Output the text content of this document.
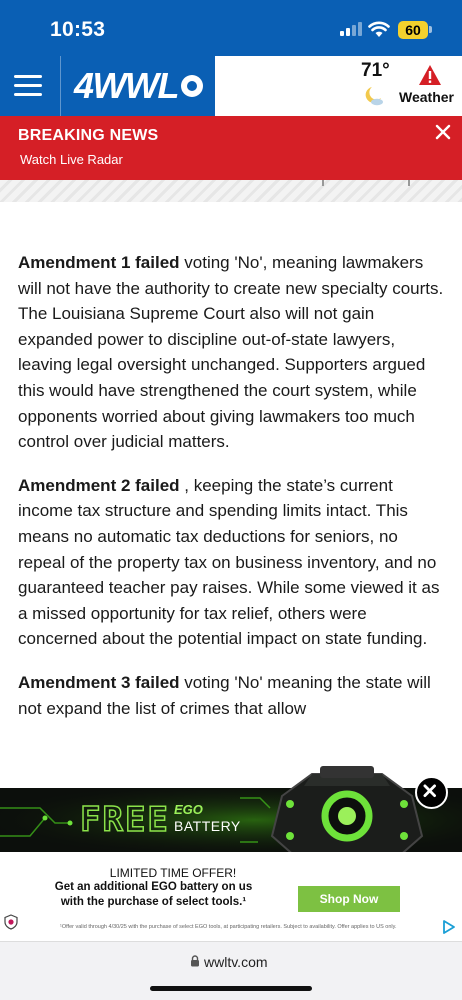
10:53	60
4WWL	71°
Weather
BREAKING NEWS
Watch Live Radar

Amendment 1 failed voting 'No', meaning lawmakers will not have the authority to create new specialty courts. The Louisiana Supreme Court also will not gain expanded power to discipline out-of-state lawyers, leaving legal oversight unchanged. Supporters argued this would have strengthened the court system, while opponents worried about giving lawmakers too much control over judicial matters.

Amendment 2 failed , keeping the state’s current income tax structure and spending limits intact. This means no automatic tax deductions for seniors, no repeal of the property tax on business inventory, and no guaranteed teacher pay raises. While some viewed it as a missed opportunity for tax relief, others were concerned about the potential impact on state funding.

Amendment 3 failed voting 'No' meaning the state will not expand the list of crimes that allow

FREE EGO
BATTERY
LIMITED TIME OFFER!
Get an additional EGO battery on us with the purchase of select tools.¹	Shop Now
¹Offer valid through 4/30/25 with the purchase of select EGO tools, at participating retailers. Subject to availability. Offer applies to US only.
wwltv.com
